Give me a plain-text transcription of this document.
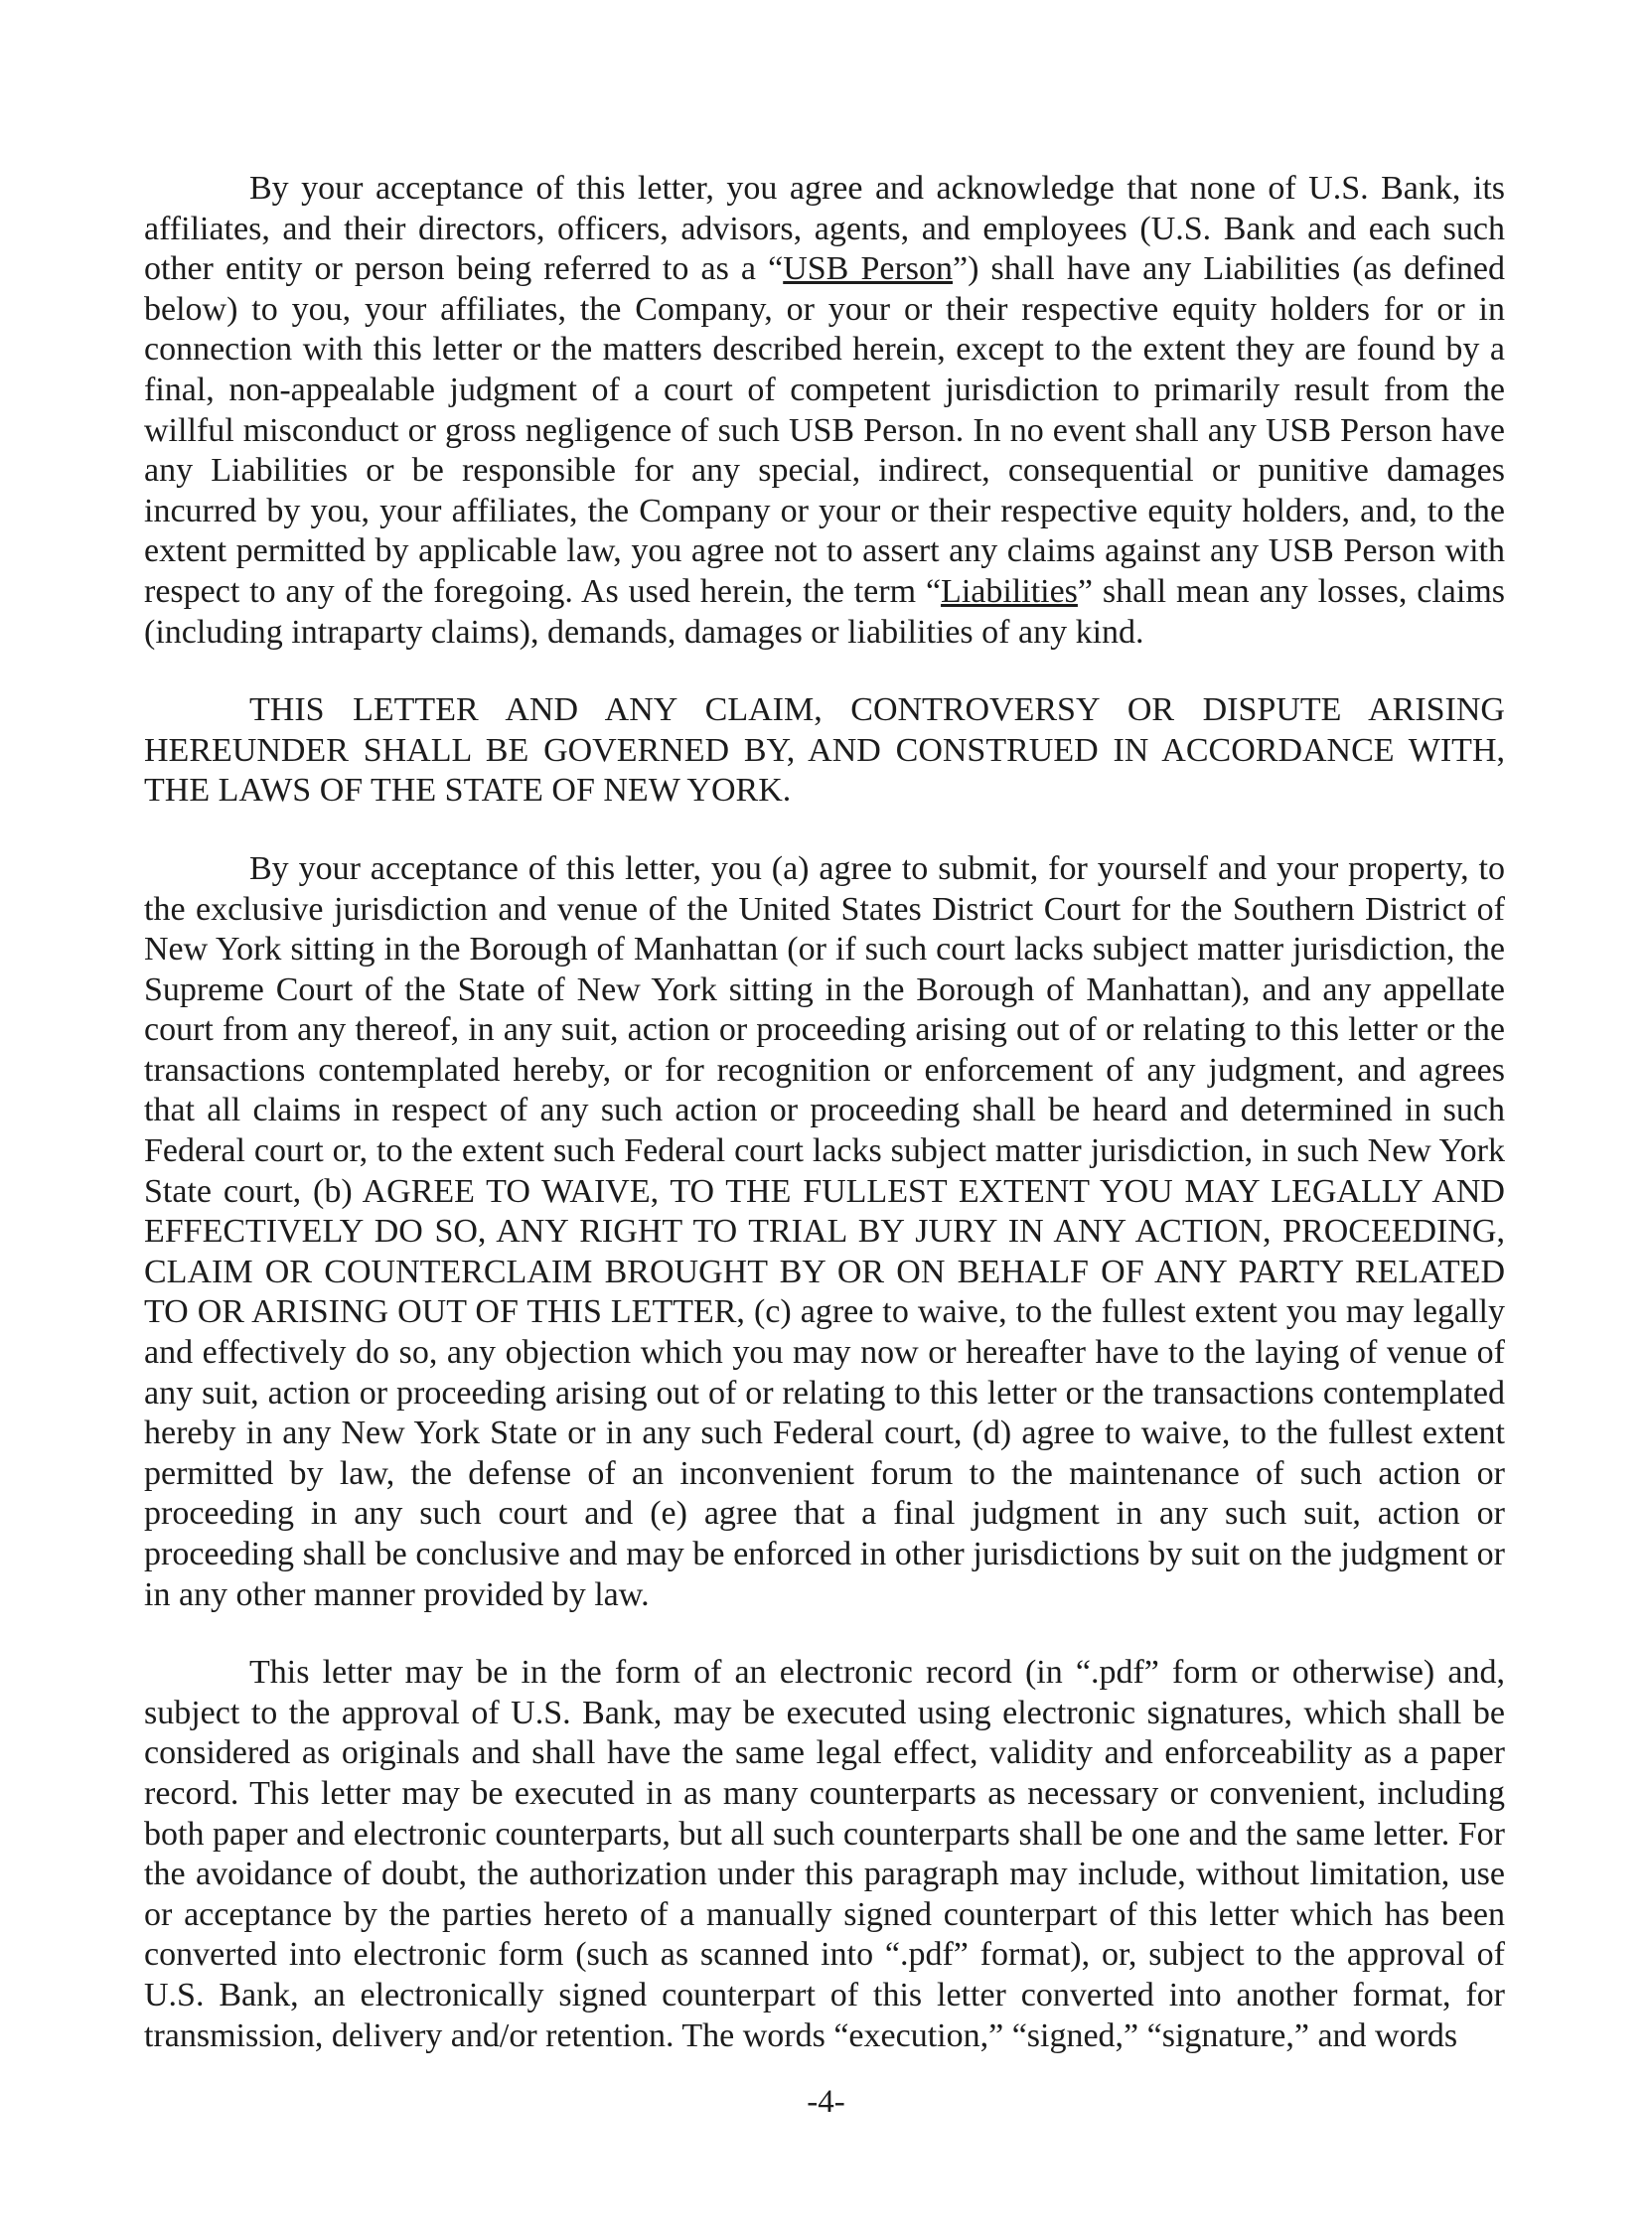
By your acceptance of this letter, you agree and acknowledge that none of U.S. Bank, its affiliates, and their directors, officers, advisors, agents, and employees (U.S. Bank and each such other entity or person being referred to as a “USB Person”) shall have any Liabilities (as defined below) to you, your affiliates, the Company, or your or their respective equity holders for or in connection with this letter or the matters described herein, except to the extent they are found by a final, non-appealable judgment of a court of competent jurisdiction to primarily result from the willful misconduct or gross negligence of such USB Person. In no event shall any USB Person have any Liabilities or be responsible for any special, indirect, consequential or punitive damages incurred by you, your affiliates, the Company or your or their respective equity holders, and, to the extent permitted by applicable law, you agree not to assert any claims against any USB Person with respect to any of the foregoing. As used herein, the term “Liabilities” shall mean any losses, claims (including intraparty claims), demands, damages or liabilities of any kind.

THIS LETTER AND ANY CLAIM, CONTROVERSY OR DISPUTE ARISING HEREUNDER SHALL BE GOVERNED BY, AND CONSTRUED IN ACCORDANCE WITH, THE LAWS OF THE STATE OF NEW YORK.

By your acceptance of this letter, you (a) agree to submit, for yourself and your property, to the exclusive jurisdiction and venue of the United States District Court for the Southern District of New York sitting in the Borough of Manhattan (or if such court lacks subject matter jurisdiction, the Supreme Court of the State of New York sitting in the Borough of Manhattan), and any appellate court from any thereof, in any suit, action or proceeding arising out of or relating to this letter or the transactions contemplated hereby, or for recognition or enforcement of any judgment, and agrees that all claims in respect of any such action or proceeding shall be heard and determined in such Federal court or, to the extent such Federal court lacks subject matter jurisdiction, in such New York State court, (b) AGREE TO WAIVE, TO THE FULLEST EXTENT YOU MAY LEGALLY AND EFFECTIVELY DO SO, ANY RIGHT TO TRIAL BY JURY IN ANY ACTION, PROCEEDING, CLAIM OR COUNTERCLAIM BROUGHT BY OR ON BEHALF OF ANY PARTY RELATED TO OR ARISING OUT OF THIS LETTER, (c) agree to waive, to the fullest extent you may legally and effectively do so, any objection which you may now or hereafter have to the laying of venue of any suit, action or proceeding arising out of or relating to this letter or the transactions contemplated hereby in any New York State or in any such Federal court, (d) agree to waive, to the fullest extent permitted by law, the defense of an inconvenient forum to the maintenance of such action or proceeding in any such court and (e) agree that a final judgment in any such suit, action or proceeding shall be conclusive and may be enforced in other jurisdictions by suit on the judgment or in any other manner provided by law.

This letter may be in the form of an electronic record (in “.pdf” form or otherwise) and, subject to the approval of U.S. Bank, may be executed using electronic signatures, which shall be considered as originals and shall have the same legal effect, validity and enforceability as a paper record. This letter may be executed in as many counterparts as necessary or convenient, including both paper and electronic counterparts, but all such counterparts shall be one and the same letter. For the avoidance of doubt, the authorization under this paragraph may include, without limitation, use or acceptance by the parties hereto of a manually signed counterpart of this letter which has been converted into electronic form (such as scanned into “.pdf” format), or, subject to the approval of U.S. Bank, an electronically signed counterpart of this letter converted into another format, for transmission, delivery and/or retention. The words “execution,” “signed,” “signature,” and words

-4-
